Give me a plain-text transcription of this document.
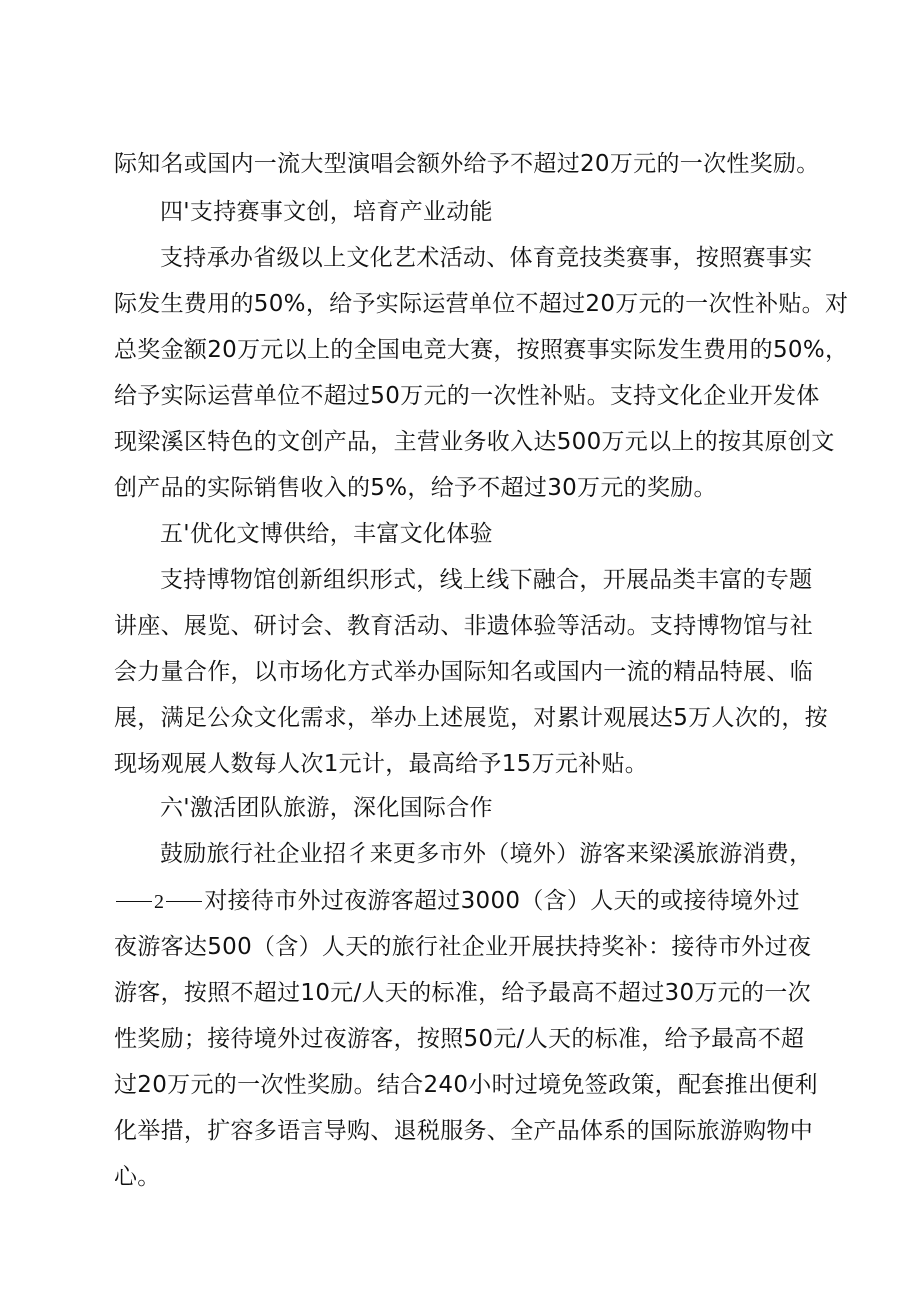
际知名或国内一流大型演唱会额外给予不超过20万元的一次性奖励。
四'支持赛事文创，培育产业动能
支持承办省级以上文化艺术活动、体育竞技类赛事，按照赛事实
际发生费用的50%，给予实际运营单位不超过20万元的一次性补贴。对
总奖金额20万元以上的全国电竞大赛，按照赛事实际发生费用的50%，
给予实际运营单位不超过50万元的一次性补贴。支持文化企业开发体
现梁溪区特色的文创产品，主营业务收入达500万元以上的按其原创文
创产品的实际销售收入的5%，给予不超过30万元的奖励。
五'优化文博供给，丰富文化体验
支持博物馆创新组织形式，线上线下融合，开展品类丰富的专题
讲座、展览、研讨会、教育活动、非遗体验等活动。支持博物馆与社
会力量合作，以市场化方式举办国际知名或国内一流的精品特展、临
展，满足公众文化需求，举办上述展览，对累计观展达5万人次的，按
现场观展人数每人次1元计，最高给予15万元补贴。
六'激活团队旅游，深化国际合作
鼓励旅行社企业招彳来更多市外（境外）游客来梁溪旅游消费，
2 对接待市外过夜游客超过3000（含）人天的或接待境外过
夜游客达500（含）人天的旅行社企业开展扶持奖补：接待市外过夜
游客，按照不超过10元/人天的标准，给予最高不超过30万元的一次
性奖励；接待境外过夜游客，按照50元/人天的标准，给予最高不超
过20万元的一次性奖励。结合240小时过境免签政策，配套推出便利
化举措，扩容多语言导购、退税服务、全产品体系的国际旅游购物中
心。
